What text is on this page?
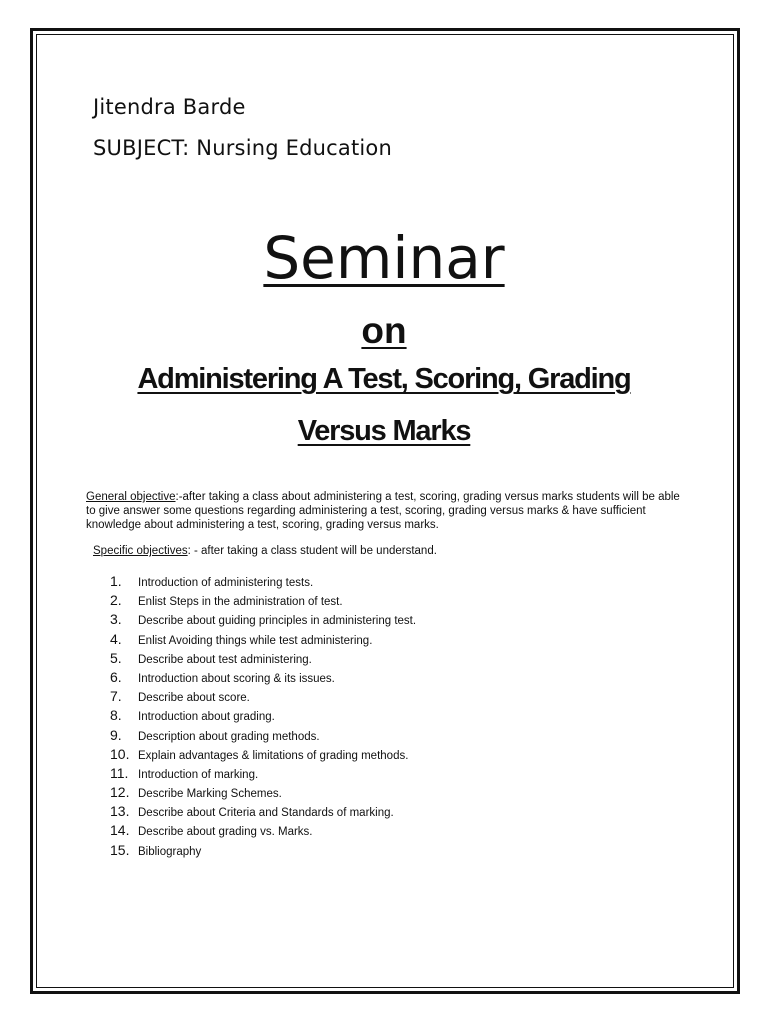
Jitendra Barde
SUBJECT: Nursing Education
Seminar
on
Administering A Test, Scoring, Grading
Versus Marks
General objective:-after taking a class about administering a test, scoring, grading versus marks students will be able to give answer some questions regarding administering a test, scoring, grading versus marks & have sufficient knowledge about administering a test, scoring, grading versus marks.
Specific objectives: - after taking a class student will be understand.
1.	Introduction of administering tests.
2.	Enlist Steps in the administration of test.
3.	Describe about guiding principles in administering test.
4.	Enlist Avoiding things while test administering.
5.	Describe about test administering.
6.	Introduction about scoring & its issues.
7.	Describe about score.
8.	Introduction about grading.
9.	Description about grading methods.
10. Explain advantages & limitations of grading methods.
11. Introduction of marking.
12. Describe Marking Schemes.
13. Describe about Criteria and Standards of marking.
14. Describe about grading vs. Marks.
15. Bibliography
